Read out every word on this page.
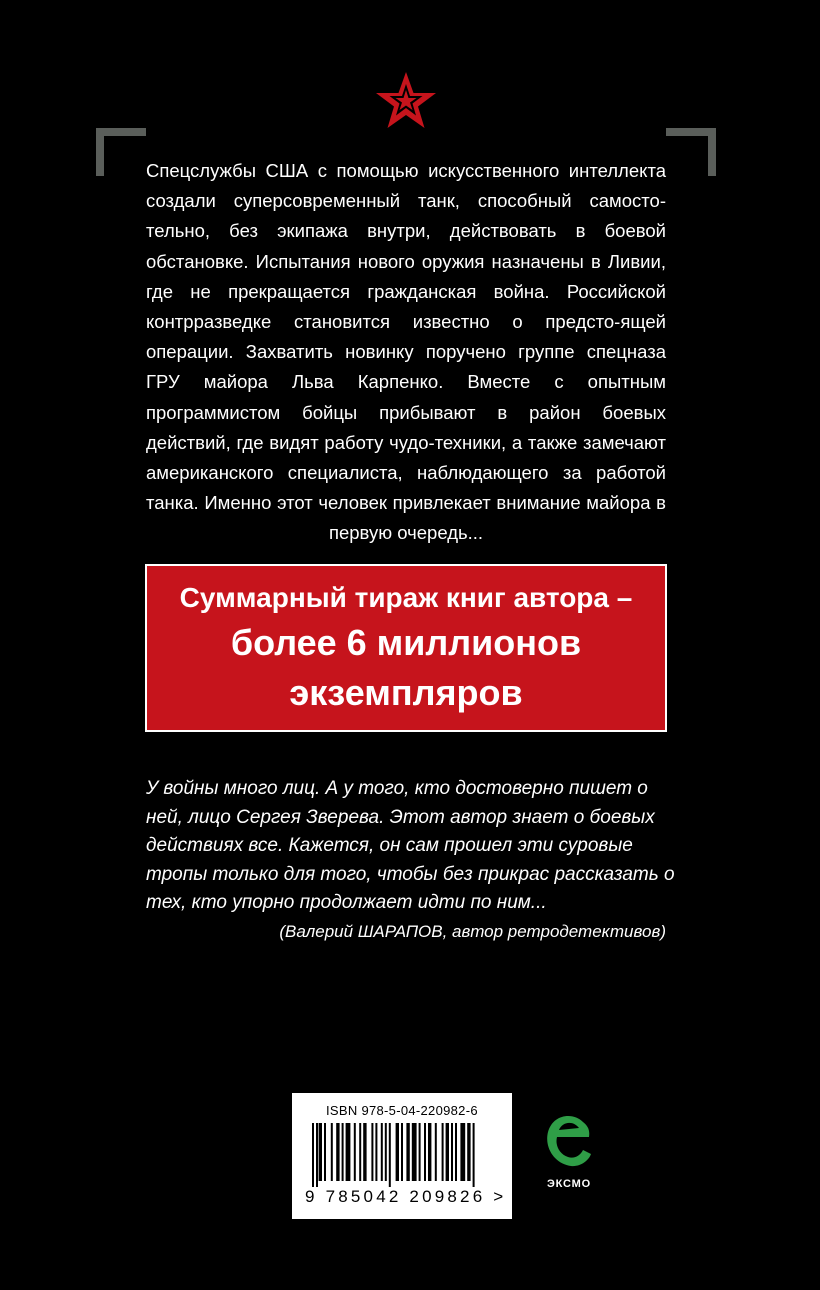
Спецслужбы США с помощью искусственного интеллекта создали суперсовременный танк, способный самосто-тельно, без экипажа внутри, действовать в боевой обстановке. Испытания нового оружия назначены в Ливии, где не прекращается гражданская война. Российской контрразведке становится известно о предсто-ящей операции. Захватить новинку поручено группе спецназа ГРУ майора Льва Карпенко. Вместе с опытным программистом бойцы прибывают в район боевых действий, где видят работу чудо-техники, а также замечают американского специалиста, наблюдающего за работой танка. Именно этот человек привлекает внимание майора в первую очередь...

Суммарный тираж книг автора –
более 6 миллионов
экземпляров

У войны много лиц. А у того, кто достоверно пишет о ней, лицо Сергея Зверева. Этот автор знает о боевых действиях все. Кажется, он сам прошел эти суровые тропы только для того, чтобы без прикрас рассказать о тех, кто упорно продолжает идти по ним...

(Валерий ШАРАПОВ, автор ретродетективов)
ISBN 978-5-04-220982-6
9 785042 209826 >
ЭКСМО
